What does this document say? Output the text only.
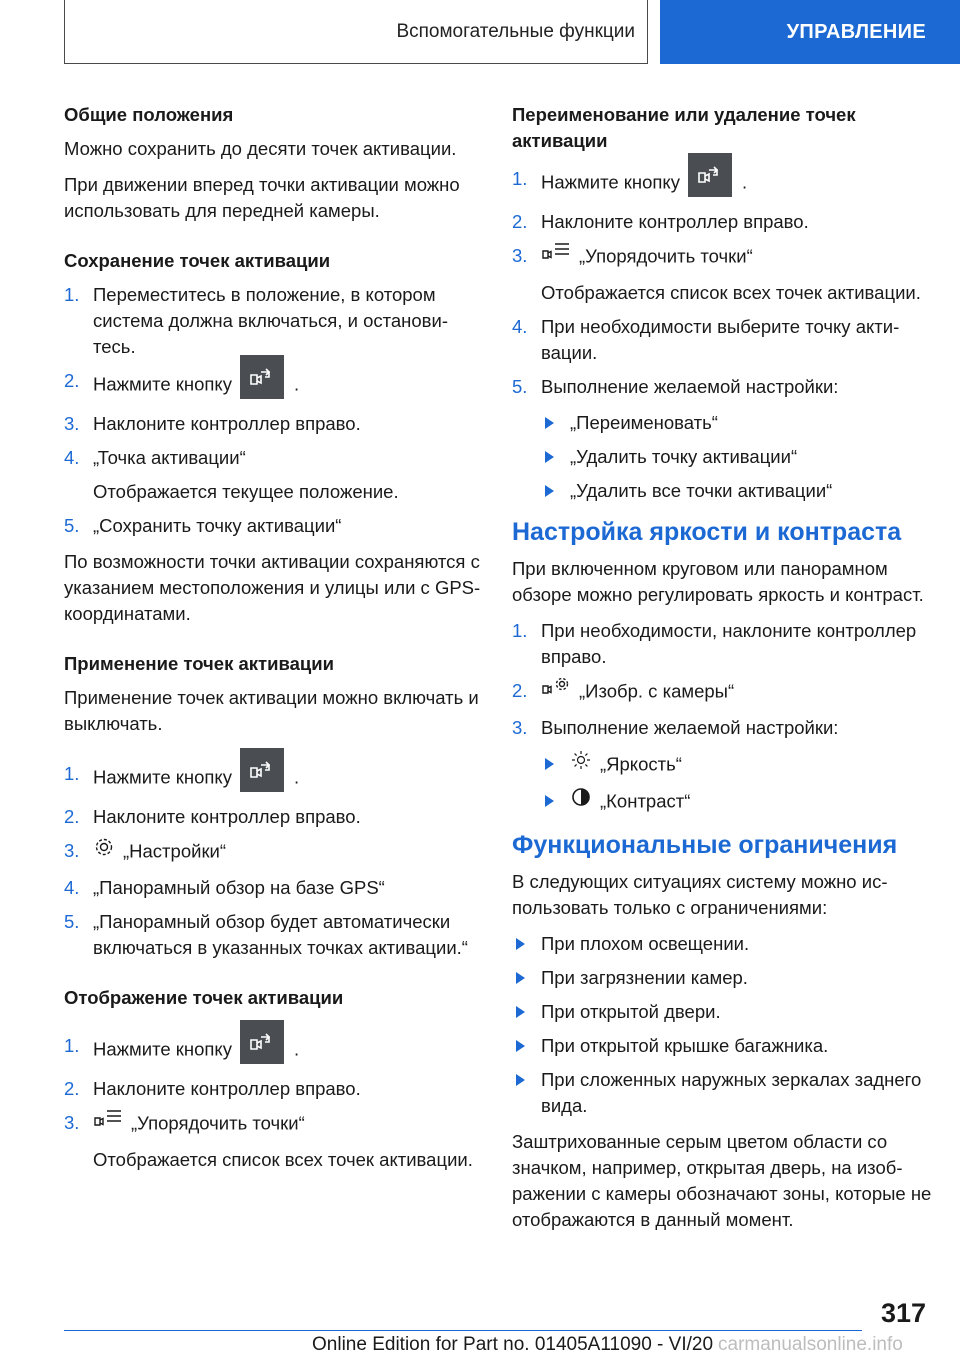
Вспомогательные функции	УПРАВЛЕНИЕ
Общие положения

Можно сохранить до десяти точек активации.

При движении вперед точки активации можно использовать для передней камеры.

Сохранение точек активации
1. Переместитесь в положение, в котором система должна включаться, и остановитесь.
2. Нажмите кнопку	.
3. Наклоните контроллер вправо.
4. „Точка активации“
Отображается текущее положение.
5. „Сохранить точку активации“

По возможности точки активации сохраняются с указанием местоположения и улицы или с GPS-координатами.

Применение точек активации

Применение точек активации можно включать и выключать.

1. Нажмите кнопку	.
2. Наклоните контроллер вправо.
3. „Настройки“
4. „Панорамный обзор на базе GPS“
5. „Панорамный обзор будет автоматически включаться в указанных точках активации.“
Отображение точек активации
1. Нажмите кнопку	.
2. Наклоните контроллер вправо.
3.	„Упорядочить точки“
Отображается список всех точек активации.
Переименование или удаление точек активации
1. Нажмите кнопку	.
2. Наклоните контроллер вправо.
3.	„Упорядочить точки“
Отображается список всех точек активации.
4. При необходимости выберите точку активации.
5. Выполнение желаемой настройки:
„Переименовать“
„Удалить точку активации“
„Удалить все точки активации“
Настройка яркости и контраста

При включенном круговом или панорамном обзоре можно регулировать яркость и контраст.

1. При необходимости, наклоните контроллер вправо.
2.	„Изобр. с камеры“
3. Выполнение желаемой настройки:
„Яркость“
„Контраст“
Функциональные ограничения

В следующих ситуациях систему можно использовать только с ограничениями:

При плохом освещении.
При загрязнении камер.
При открытой двери.
При открытой крышке багажника.
При сложенных наружных зеркалах заднего вида.

Заштрихованные серым цветом области со значком, например, открытая дверь, на изображении с камеры обозначают зоны, которые не отображаются в данный момент.

317
Online Edition for Part no. 01405A11090 - VI/20 carmanualsonline.info
